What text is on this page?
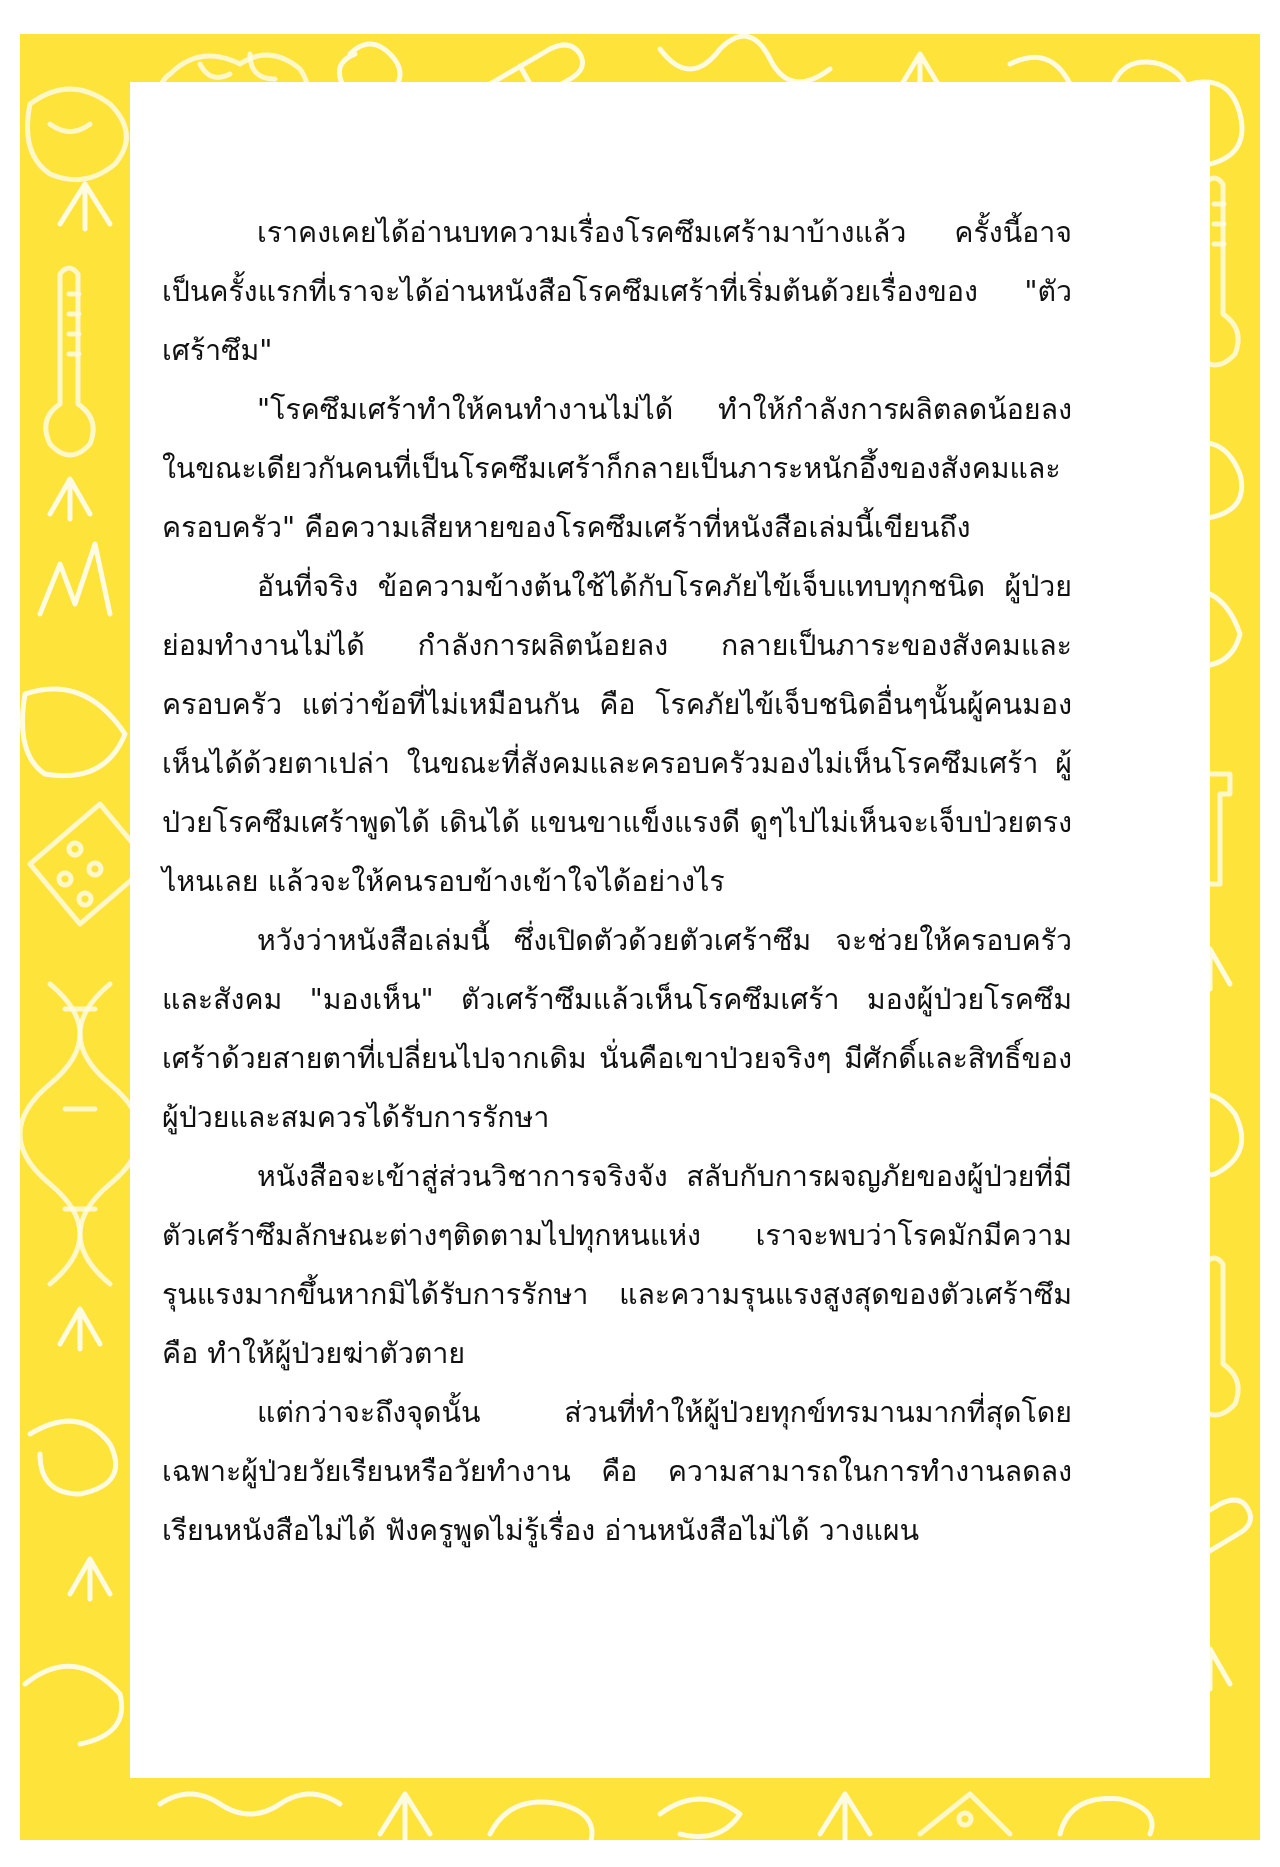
เราคงเคยได้อ่านบทความเรื่องโรคซึมเศร้ามาบ้างแล้ว ครั้งนี้อาจเป็นครั้งแรกที่เราจะได้อ่านหนังสือโรคซึมเศร้าที่เริ่มต้นด้วยเรื่องของ "ตัวเศร้าซึม"

"โรคซึมเศร้าทำให้คนทำงานไม่ได้ ทำให้กำลังการผลิตลดน้อยลง ในขณะเดียวกันคนที่เป็นโรคซึมเศร้าก็กลายเป็นภาระหนักอึ้งของสังคมและครอบครัว" คือความเสียหายของโรคซึมเศร้าที่หนังสือเล่มนี้เขียนถึง

อันที่จริง ข้อความข้างต้นใช้ได้กับโรคภัยไข้เจ็บแทบทุกชนิด ผู้ป่วยย่อมทำงานไม่ได้ กำลังการผลิตน้อยลง กลายเป็นภาระของสังคมและครอบครัว แต่ว่าข้อที่ไม่เหมือนกัน คือ โรคภัยไข้เจ็บชนิดอื่นๆนั้นผู้คนมองเห็นได้ด้วยตาเปล่า ในขณะที่สังคมและครอบครัวมองไม่เห็นโรคซึมเศร้า ผู้ป่วยโรคซึมเศร้าพูดได้ เดินได้ แขนขาแข็งแรงดี ดูๆไปไม่เห็นจะเจ็บป่วยตรงไหนเลย แล้วจะให้คนรอบข้างเข้าใจได้อย่างไร

หวังว่าหนังสือเล่มนี้ ซึ่งเปิดตัวด้วยตัวเศร้าซึม จะช่วยให้ครอบครัวและสังคม "มองเห็น" ตัวเศร้าซึมแล้วเห็นโรคซึมเศร้า มองผู้ป่วยโรคซึมเศร้าด้วยสายตาที่เปลี่ยนไปจากเดิม นั่นคือเขาป่วยจริงๆ มีศักดิ์และสิทธิ์ของผู้ป่วยและสมควรได้รับการรักษา

หนังสือจะเข้าสู่ส่วนวิชาการจริงจัง สลับกับการผจญภัยของผู้ป่วยที่มีตัวเศร้าซึมลักษณะต่างๆติดตามไปทุกหนแห่ง เราจะพบว่าโรคมักมีความรุนแรงมากขึ้นหากมิได้รับการรักษา และความรุนแรงสูงสุดของตัวเศร้าซึม คือ ทำให้ผู้ป่วยฆ่าตัวตาย

แต่กว่าจะถึงจุดนั้น ส่วนที่ทำให้ผู้ป่วยทุกข์ทรมานมากที่สุดโดยเฉพาะผู้ป่วยวัยเรียนหรือวัยทำงาน คือ ความสามารถในการทำงานลดลง เรียนหนังสือไม่ได้ ฟังครูพูดไม่รู้เรื่อง อ่านหนังสือไม่ได้ วางแผน
